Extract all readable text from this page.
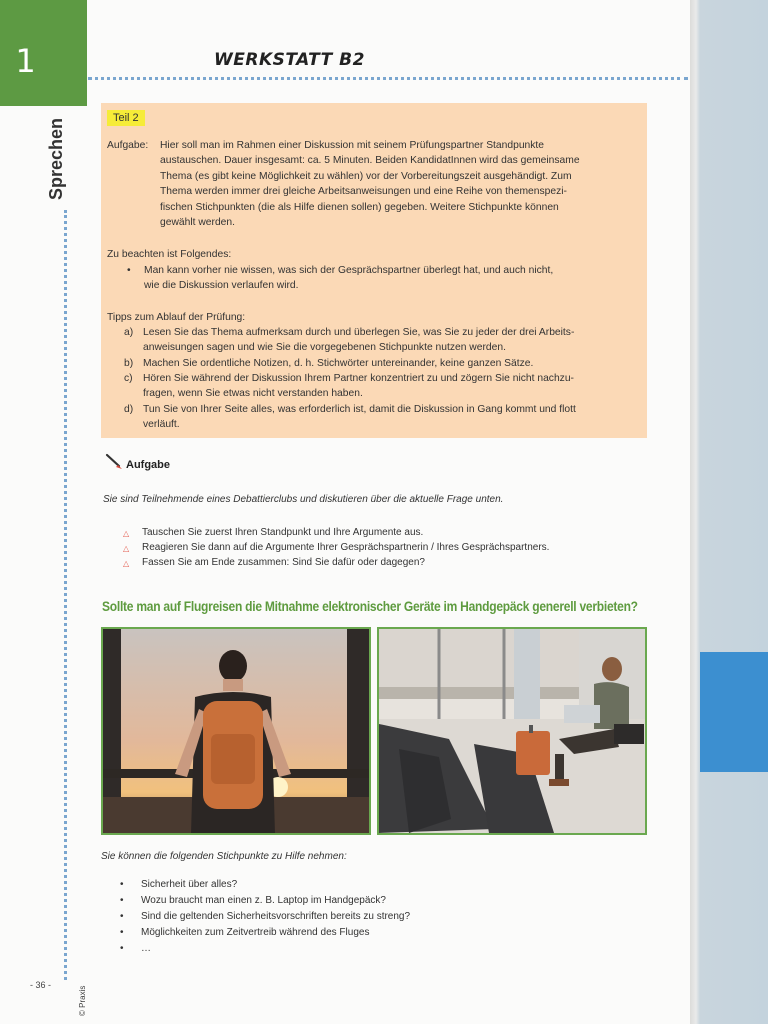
1
Sprechen
WERKSTATT B2
Teil 2
Aufgabe: Hier soll man im Rahmen einer Diskussion mit seinem Prüfungspartner Standpunkte
austauschen. Dauer insgesamt: ca. 5 Minuten. Beiden KandidatInnen wird das gemeinsame
Thema (es gibt keine Möglichkeit zu wählen) vor der Vorbereitungszeit ausgehändigt. Zum
Thema werden immer drei gleiche Arbeitsanweisungen und eine Reihe von themenspezi-
fischen Stichpunkten (die als Hilfe dienen sollen) gegeben. Weitere Stichpunkte können
gewählt werden.
Zu beachten ist Folgendes:
• Man kann vorher nie wissen, was sich der Gesprächspartner überlegt hat, und auch nicht,
wie die Diskussion verlaufen wird.
Tipps zum Ablauf der Prüfung:
a) Lesen Sie das Thema aufmerksam durch und überlegen Sie, was Sie zu jeder der drei Arbeits-
anweisungen sagen und wie Sie die vorgegebenen Stichpunkte nutzen werden.
b) Machen Sie ordentliche Notizen, d. h. Stichwörter untereinander, keine ganzen Sätze.
c) Hören Sie während der Diskussion Ihrem Partner konzentriert zu und zögern Sie nicht nachzu-
fragen, wenn Sie etwas nicht verstanden haben.
d) Tun Sie von Ihrer Seite alles, was erforderlich ist, damit die Diskussion in Gang kommt und flott
verläuft.
Aufgabe
Sie sind Teilnehmende eines Debattierclubs und diskutieren über die aktuelle Frage unten.
△ Tauschen Sie zuerst Ihren Standpunkt und Ihre Argumente aus.
△ Reagieren Sie dann auf die Argumente Ihrer Gesprächspartnerin / Ihres Gesprächspartners.
△ Fassen Sie am Ende zusammen: Sind Sie dafür oder dagegen?
Sollte man auf Flugreisen die Mitnahme elektronischer Geräte im Handgepäck generell verbieten?
Sie können die folgenden Stichpunkte zu Hilfe nehmen:
• Sicherheit über alles?
• Wozu braucht man einen z. B. Laptop im Handgepäck?
• Sind die geltenden Sicherheitsvorschriften bereits zu streng?
• Möglichkeiten zum Zeitvertreib während des Fluges
• …
- 36 -
© Praxis
